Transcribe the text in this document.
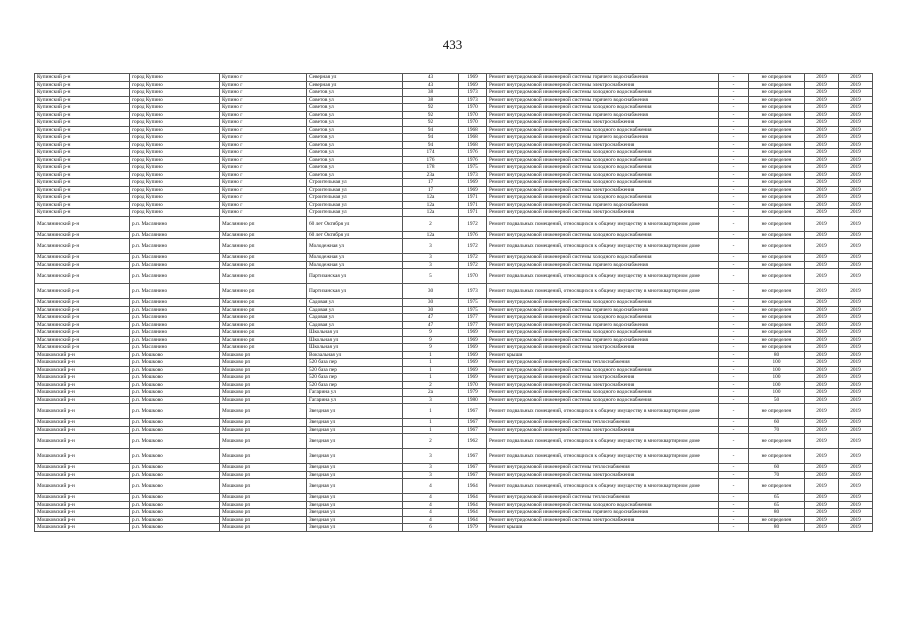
433
Купинский р-н	город Купино	Купино г	Северная ул	43	1969	Ремонт внутридомовой инженерной системы горячего водоснабжения	-	не определен	2019	2019
Купинский р-н	город Купино	Купино г	Северная ул	43	1969	Ремонт внутридомовой инженерной системы электроснабжения	-	не определен	2019	2019
Купинский р-н	город Купино	Купино г	Советов ул	38	1973	Ремонт внутридомовой инженерной системы холодного водоснабжения	-	не определен	2019	2019
Купинский р-н	город Купино	Купино г	Советов ул	38	1973	Ремонт внутридомовой инженерной системы горячего водоснабжения	-	не определен	2019	2019
Купинский р-н	город Купино	Купино г	Советов ул	92	1970	Ремонт внутридомовой инженерной системы холодного водоснабжения	-	не определен	2019	2019
Купинский р-н	город Купино	Купино г	Советов ул	92	1970	Ремонт внутридомовой инженерной системы горячего водоснабжения	-	не определен	2019	2019
Купинский р-н	город Купино	Купино г	Советов ул	92	1970	Ремонт внутридомовой инженерной системы электроснабжения	-	не определен	2019	2019
Купинский р-н	город Купино	Купино г	Советов ул	94	1968	Ремонт внутридомовой инженерной системы холодного водоснабжения	-	не определен	2019	2019
Купинский р-н	город Купино	Купино г	Советов ул	94	1968	Ремонт внутридомовой инженерной системы горячего водоснабжения	-	не определен	2019	2019
Купинский р-н	город Купино	Купино г	Советов ул	94	1968	Ремонт внутридомовой инженерной системы электроснабжения	-	не определен	2019	2019
Купинский р-н	город Купино	Купино г	Советов ул	174	1976	Ремонт внутридомовой инженерной системы холодного водоснабжения	-	не определен	2019	2019
Купинский р-н	город Купино	Купино г	Советов ул	176	1976	Ремонт внутридомовой инженерной системы холодного водоснабжения	-	не определен	2019	2019
Купинский р-н	город Купино	Купино г	Советов ул	178	1975	Ремонт внутридомовой инженерной системы холодного водоснабжения	-	не определен	2019	2019
Купинский р-н	город Купино	Купино г	Советов ул	23а	1973	Ремонт внутридомовой инженерной системы холодного водоснабжения	-	не определен	2019	2019
Купинский р-н	город Купино	Купино г	Строительная ул	17	1969	Ремонт внутридомовой инженерной системы холодного водоснабжения	-	не определен	2019	2019
Купинский р-н	город Купино	Купино г	Строительная ул	17	1969	Ремонт внутридомовой инженерной системы электроснабжения	-	не определен	2019	2019
Купинский р-н	город Купино	Купино г	Строительная ул	12а	1971	Ремонт внутридомовой инженерной системы холодного водоснабжения	-	не определен	2019	2019
Купинский р-н	город Купино	Купино г	Строительная ул	12а	1971	Ремонт внутридомовой инженерной системы горячего водоснабжения	-	не определен	2019	2019
Купинский р-н	город Купино	Купино г	Строительная ул	12а	1971	Ремонт внутридомовой инженерной системы электроснабжения	-	не определен	2019	2019
Маслянинский р-н	р.п. Маслянино	Маслянино рп	60 лет Октября ул	2	1972	Ремонт подвальных помещений, относящихся к общему имуществу в многоквартирном доме	-	не определен	2019	2019
Маслянинский р-н	р.п. Маслянино	Маслянино рп	60 лет Октября ул	12а	1976	Ремонт внутридомовой инженерной системы холодного водоснабжения	-	не определен	2019	2019
Маслянинский р-н	р.п. Маслянино	Маслянино рп	Молодежная ул	3	1972	Ремонт подвальных помещений, относящихся к общему имуществу в многоквартирном доме	-	не определен	2019	2019
Маслянинский р-н	р.п. Маслянино	Маслянино рп	Молодежная ул	3	1972	Ремонт внутридомовой инженерной системы холодного водоснабжения	-	не определен	2019	2019
Маслянинский р-н	р.п. Маслянино	Маслянино рп	Молодежная ул	3	1972	Ремонт внутридомовой инженерной системы горячего водоснабжения	-	не определен	2019	2019
Маслянинский р-н	р.п. Маслянино	Маслянино рп	Партизанская ул	5	1970	Ремонт подвальных помещений, относящихся к общему имуществу в многоквартирном доме	-	не определен	2019	2019
Маслянинский р-н	р.п. Маслянино	Маслянино рп	Партизанская ул	30	1973	Ремонт подвальных помещений, относящихся к общему имуществу в многоквартирном доме	-	не определен	2019	2019
Маслянинский р-н	р.п. Маслянино	Маслянино рп	Садовая ул	30	1975	Ремонт внутридомовой инженерной системы холодного водоснабжения	-	не определен	2019	2019
Маслянинский р-н	р.п. Маслянино	Маслянино рп	Садовая ул	30	1975	Ремонт внутридомовой инженерной системы горячего водоснабжения	-	не определен	2019	2019
Маслянинский р-н	р.п. Маслянино	Маслянино рп	Садовая ул	47	1977	Ремонт внутридомовой инженерной системы холодного водоснабжения	-	не определен	2019	2019
Маслянинский р-н	р.п. Маслянино	Маслянино рп	Садовая ул	47	1977	Ремонт внутридомовой инженерной системы горячего водоснабжения	-	не определен	2019	2019
Маслянинский р-н	р.п. Маслянино	Маслянино рп	Школьная ул	9	1969	Ремонт внутридомовой инженерной системы холодного водоснабжения	-	не определен	2019	2019
Маслянинский р-н	р.п. Маслянино	Маслянино рп	Школьная ул	9	1969	Ремонт внутридомовой инженерной системы горячего водоснабжения	-	не определен	2019	2019
Маслянинский р-н	р.п. Маслянино	Маслянино рп	Школьная ул	9	1969	Ремонт внутридомовой инженерной системы электроснабжения	-	не определен	2019	2019
Мошковский р-н	р.п. Мошково	Мошково рп	Вокзальная ул	1	1969	Ремонт крыши	-	80	2019	2019
Мошковский р-н	р.п. Мошково	Мошково рп	520 база пер	1	1969	Ремонт внутридомовой инженерной системы теплоснабжения	-	100	2019	2019
Мошковский р-н	р.п. Мошково	Мошково рп	520 база пер	1	1969	Ремонт внутридомовой инженерной системы холодного водоснабжения	-	100	2019	2019
Мошковский р-н	р.п. Мошково	Мошково рп	520 база пер	1	1969	Ремонт внутридомовой инженерной системы электроснабжения	-	100	2019	2019
Мошковский р-н	р.п. Мошково	Мошково рп	520 база пер	2	1970	Ремонт внутридомовой инженерной системы электроснабжения	-	100	2019	2019
Мошковский р-н	р.п. Мошково	Мошково рп	Гагарина ул	2а	1979	Ремонт внутридомовой инженерной системы холодного водоснабжения	-	100	2019	2019
Мошковский р-н	р.п. Мошково	Мошково рп	Гагарина ул	3	1980	Ремонт внутридомовой инженерной системы холодного водоснабжения	-	50	2019	2019
Мошковский р-н	р.п. Мошково	Мошково рп	Звездная ул	1	1967	Ремонт подвальных помещений, относящихся к общему имуществу в многоквартирном доме	-	не определен	2019	2019
Мошковский р-н	р.п. Мошково	Мошково рп	Звездная ул	1	1967	Ремонт внутридомовой инженерной системы теплоснабжения	-	60	2019	2019
Мошковский р-н	р.п. Мошково	Мошково рп	Звездная ул	1	1967	Ремонт внутридомовой инженерной системы электроснабжения	-	70	2019	2019
Мошковский р-н	р.п. Мошково	Мошково рп	Звездная ул	2	1962	Ремонт подвальных помещений, относящихся к общему имуществу в многоквартирном доме	-	не определен	2019	2019
Мошковский р-н	р.п. Мошково	Мошково рп	Звездная ул	3	1967	Ремонт подвальных помещений, относящихся к общему имуществу в многоквартирном доме	-	не определен	2019	2019
Мошковский р-н	р.п. Мошково	Мошково рп	Звездная ул	3	1967	Ремонт внутридомовой инженерной системы теплоснабжения	-	60	2019	2019
Мошковский р-н	р.п. Мошково	Мошково рп	Звездная ул	3	1967	Ремонт внутридомовой инженерной системы электроснабжения	-	70	2019	2019
Мошковский р-н	р.п. Мошково	Мошково рп	Звездная ул	4	1964	Ремонт подвальных помещений, относящихся к общему имуществу в многоквартирном доме	-	не определен	2019	2019
Мошковский р-н	р.п. Мошково	Мошково рп	Звездная ул	4	1964	Ремонт внутридомовой инженерной системы теплоснабжения	-	65	2019	2019
Мошковский р-н	р.п. Мошково	Мошково рп	Звездная ул	4	1964	Ремонт внутридомовой инженерной системы холодного водоснабжения	-	65	2019	2019
Мошковский р-н	р.п. Мошково	Мошково рп	Звездная ул	4	1964	Ремонт внутридомовой инженерной системы горячего водоснабжения	-	80	2019	2019
Мошковский р-н	р.п. Мошково	Мошково рп	Звездная ул	4	1964	Ремонт внутридомовой инженерной системы электроснабжения	-	не определен	2019	2019
Мошковский р-н	р.п. Мошково	Мошково рп	Звездная ул	6	1979	Ремонт крыши	-	80	2019	2019
